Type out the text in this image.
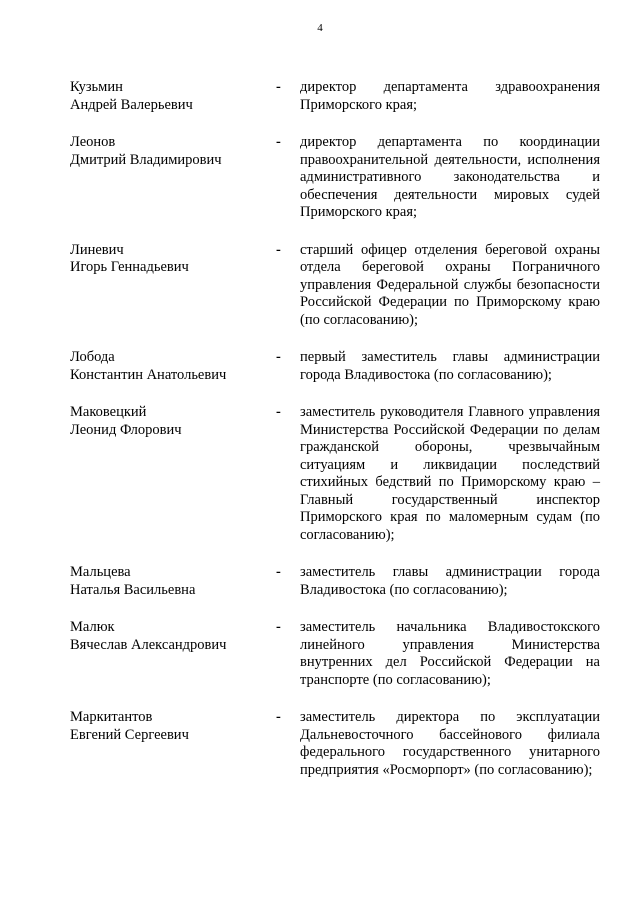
4
Кузьмин
Андрей Валерьевич
-	директор департамента здравоохранения Приморского края;
Леонов
Дмитрий Владимирович
-	директор департамента по координации правоохранительной деятельности, исполнения административного законодательства и обеспечения деятельности мировых судей Приморского края;
Линевич
Игорь Геннадьевич
-	старший офицер отделения береговой охраны отдела береговой охраны Пограничного управления Федеральной службы безопасности Российской Федерации по Приморскому краю (по согласованию);
Лобода
Константин Анатольевич
-	первый заместитель главы администрации города Владивостока (по согласованию);
Маковецкий
Леонид Флорович
-	заместитель руководителя Главного управления Министерства Российской Федерации по делам гражданской обороны, чрезвычайным ситуациям и ликвидации последствий стихийных бедствий по Приморскому краю – Главный государственный инспектор Приморского края по маломерным судам (по согласованию);
Мальцева
Наталья Васильевна
-	заместитель главы администрации города Владивостока (по согласованию);
Малюк
Вячеслав Александрович
-	заместитель начальника Владивостокского линейного управления Министерства внутренних дел Российской Федерации на транспорте (по согласованию);
Маркитантов
Евгений Сергеевич
-	заместитель директора по эксплуатации Дальневосточного бассейнового филиала федерального государственного унитарного предприятия «Росморпорт» (по согласованию);
